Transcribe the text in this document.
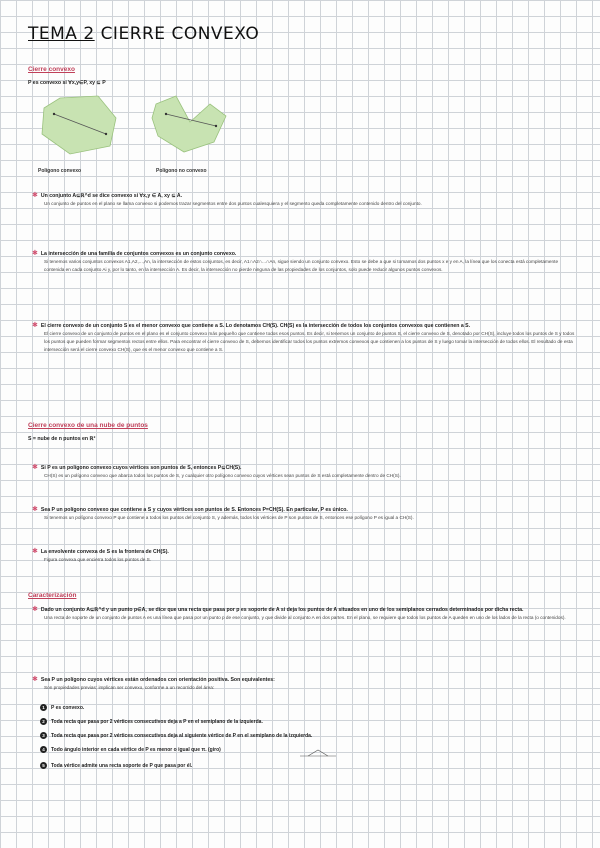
TEMA 2 CIERRE CONVEXO
Cierre convexo
P es convexo si ∀x,y∈P, xy ⊆ P
Polígono convexo	Polígono no convexo
✱ Un conjunto A⊆ℝ^d se dice convexo si ∀x,y ∈ A, xy ⊆ A.
Un conjunto de puntos en el plano se llama convexo si podemos trazar segmentos entre dos puntos cualesquiera y el segmento queda completamente contenido dentro del conjunto.
✱ La intersección de una familia de conjuntos convexos es un conjunto convexo.
Si tenemos varios conjuntos convexos A1,A2,...,An, la intersección de estos conjuntos, es decir, A1∩A2∩...∩An, sigue siendo un conjunto convexo. Esto se debe a que si tomamos dos puntos x e y en A, la línea que los conecta está completamente contenida en cada conjunto Ai y, por lo tanto, en la intersección A. Es decir, la intersección no pierde ninguna de las propiedades de los conjuntos, solo puede reducir algunos puntos convexos.
✱ El cierre convexo de un conjunto S es el menor convexo que contiene a S. Lo denotamos CH(S). CH(S) es la intersección de todos los conjuntos convexos que contienen a S.
El cierre convexo de un conjunto de puntos en el plano es el conjunto convexo más pequeño que contiene todos esos puntos. Es decir, si tenemos un conjunto de puntos S, el cierre convexo de S, denotado por CH(S), incluye todos los puntos de S y todos los puntos que pueden formar segmentos rectos entre ellos. Para encontrar el cierre convexo de S, debemos identificar todos los puntos extremos convexos que contienen a los puntos de S y luego tomar la intersección de todos ellos. El resultado de esta intersección será el cierre convexo CH(S), que es el menor convexo que contiene a S.
Cierre convexo de una nube de puntos
S = nube de n puntos en ℝ²
✱ Si P es un polígono convexo cuyos vértices son puntos de S, entonces P⊆CH(S).
CH(S) es un polígono convexo que abarca todos los puntos de S, y cualquier otro polígono convexo cuyos vértices sean puntos de S está completamente dentro de CH(S).
✱ Sea P un polígono convexo que contiene a S y cuyos vértices son puntos de S. Entonces P=CH(S). En particular, P es único.
Si tenemos un polígono convexo P que contiene a todos los puntos del conjunto S, y además, todos los vértices de P son puntos de S, entonces ese polígono P es igual a CH(S).
✱ La envolvente convexa de S es la frontera de CH(S).
Figura convexa que encierra todos los puntos de S.
Caracterización
✱ Dado un conjunto A⊆ℝ^d y un punto p∈A, se dice que una recta que pasa por p es soporte de A si deja los puntos de A situados en uno de los semiplanos cerrados determinados por dicha recta.
Una recta de soporte de un conjunto de puntos A es una línea que pasa por un punto p de ese conjunto, y que divide al conjunto A en dos partes. En el plano, se requiere que todos los puntos de A queden en uno de los lados de la recta (o contenidos).
✱ Sea P un polígono cuyos vértices están ordenados con orientación positiva. Son equivalentes:
Son propiedades previas; implican ser convexo, conforme a un recorrido del área:
1 P es convexo.
2 Toda recta que pasa por 2 vértices consecutivos deja a P en el semiplano de la izquierda.
3 Toda recta que pasa por 2 vértices consecutivos deja al siguiente vértice de P en el semiplano de la izquierda.
4 Todo ángulo interior en cada vértice de P es menor o igual que π. (giro)
5 Toda vértice admite una recta soporte de P que pasa por él.
